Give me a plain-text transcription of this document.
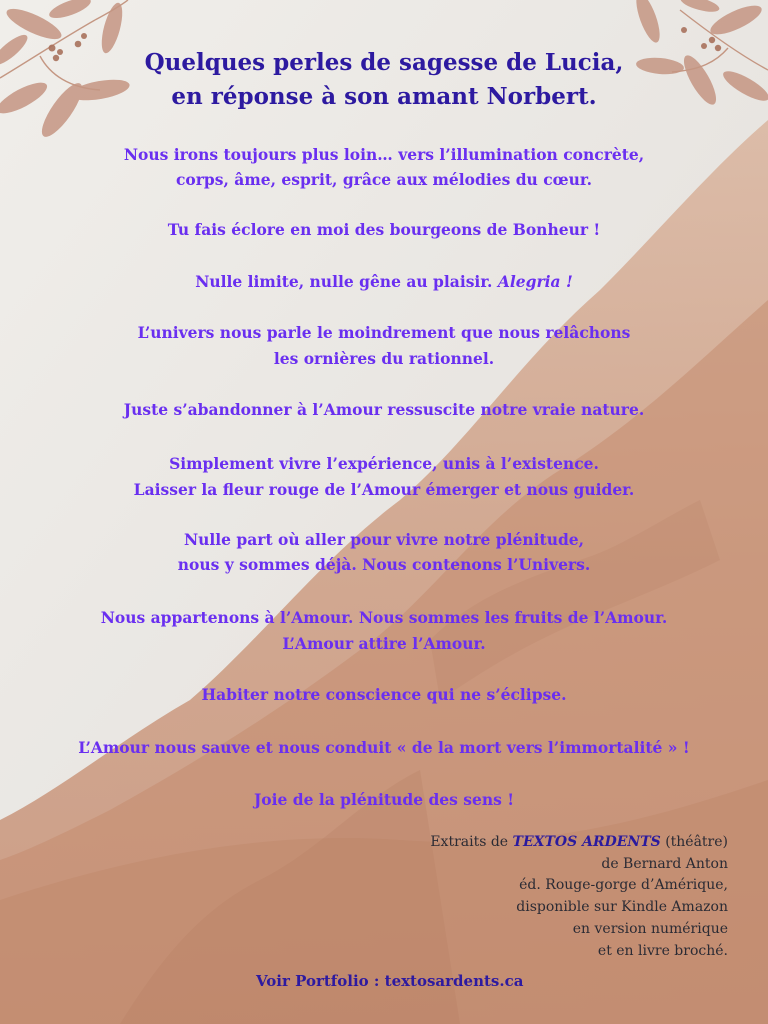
Quelques perles de sagesse de Lucia,
en réponse à son amant Norbert.
Nous irons toujours plus loin… vers l’illumination concrète,
corps, âme, esprit, grâce aux mélodies du cœur.
Tu fais éclore en moi des bourgeons de Bonheur !
Nulle limite, nulle gêne au plaisir. Alegria !
L’univers nous parle le moindrement que nous relâchons
les ornières du rationnel.
Juste s’abandonner à l’Amour ressuscite notre vraie nature.
Simplement vivre l’expérience, unis à l’existence.
Laisser la fleur rouge de l’Amour émerger et nous guider.
Nulle part où aller pour vivre notre plénitude,
nous y sommes déjà. Nous contenons l’Univers.
Nous appartenons à l’Amour. Nous sommes les fruits de l’Amour.
L’Amour attire l’Amour.
Habiter notre conscience qui ne s’éclipse.
L’Amour nous sauve et nous conduit « de la mort vers l’immortalité » !
Joie de la plénitude des sens !
Extraits de TEXTOS ARDENTS (théâtre)
de Bernard Anton
éd. Rouge-gorge d’Amérique,
disponible sur Kindle Amazon
en version numérique
et en livre broché.
Voir Portfolio : textosardents.ca
